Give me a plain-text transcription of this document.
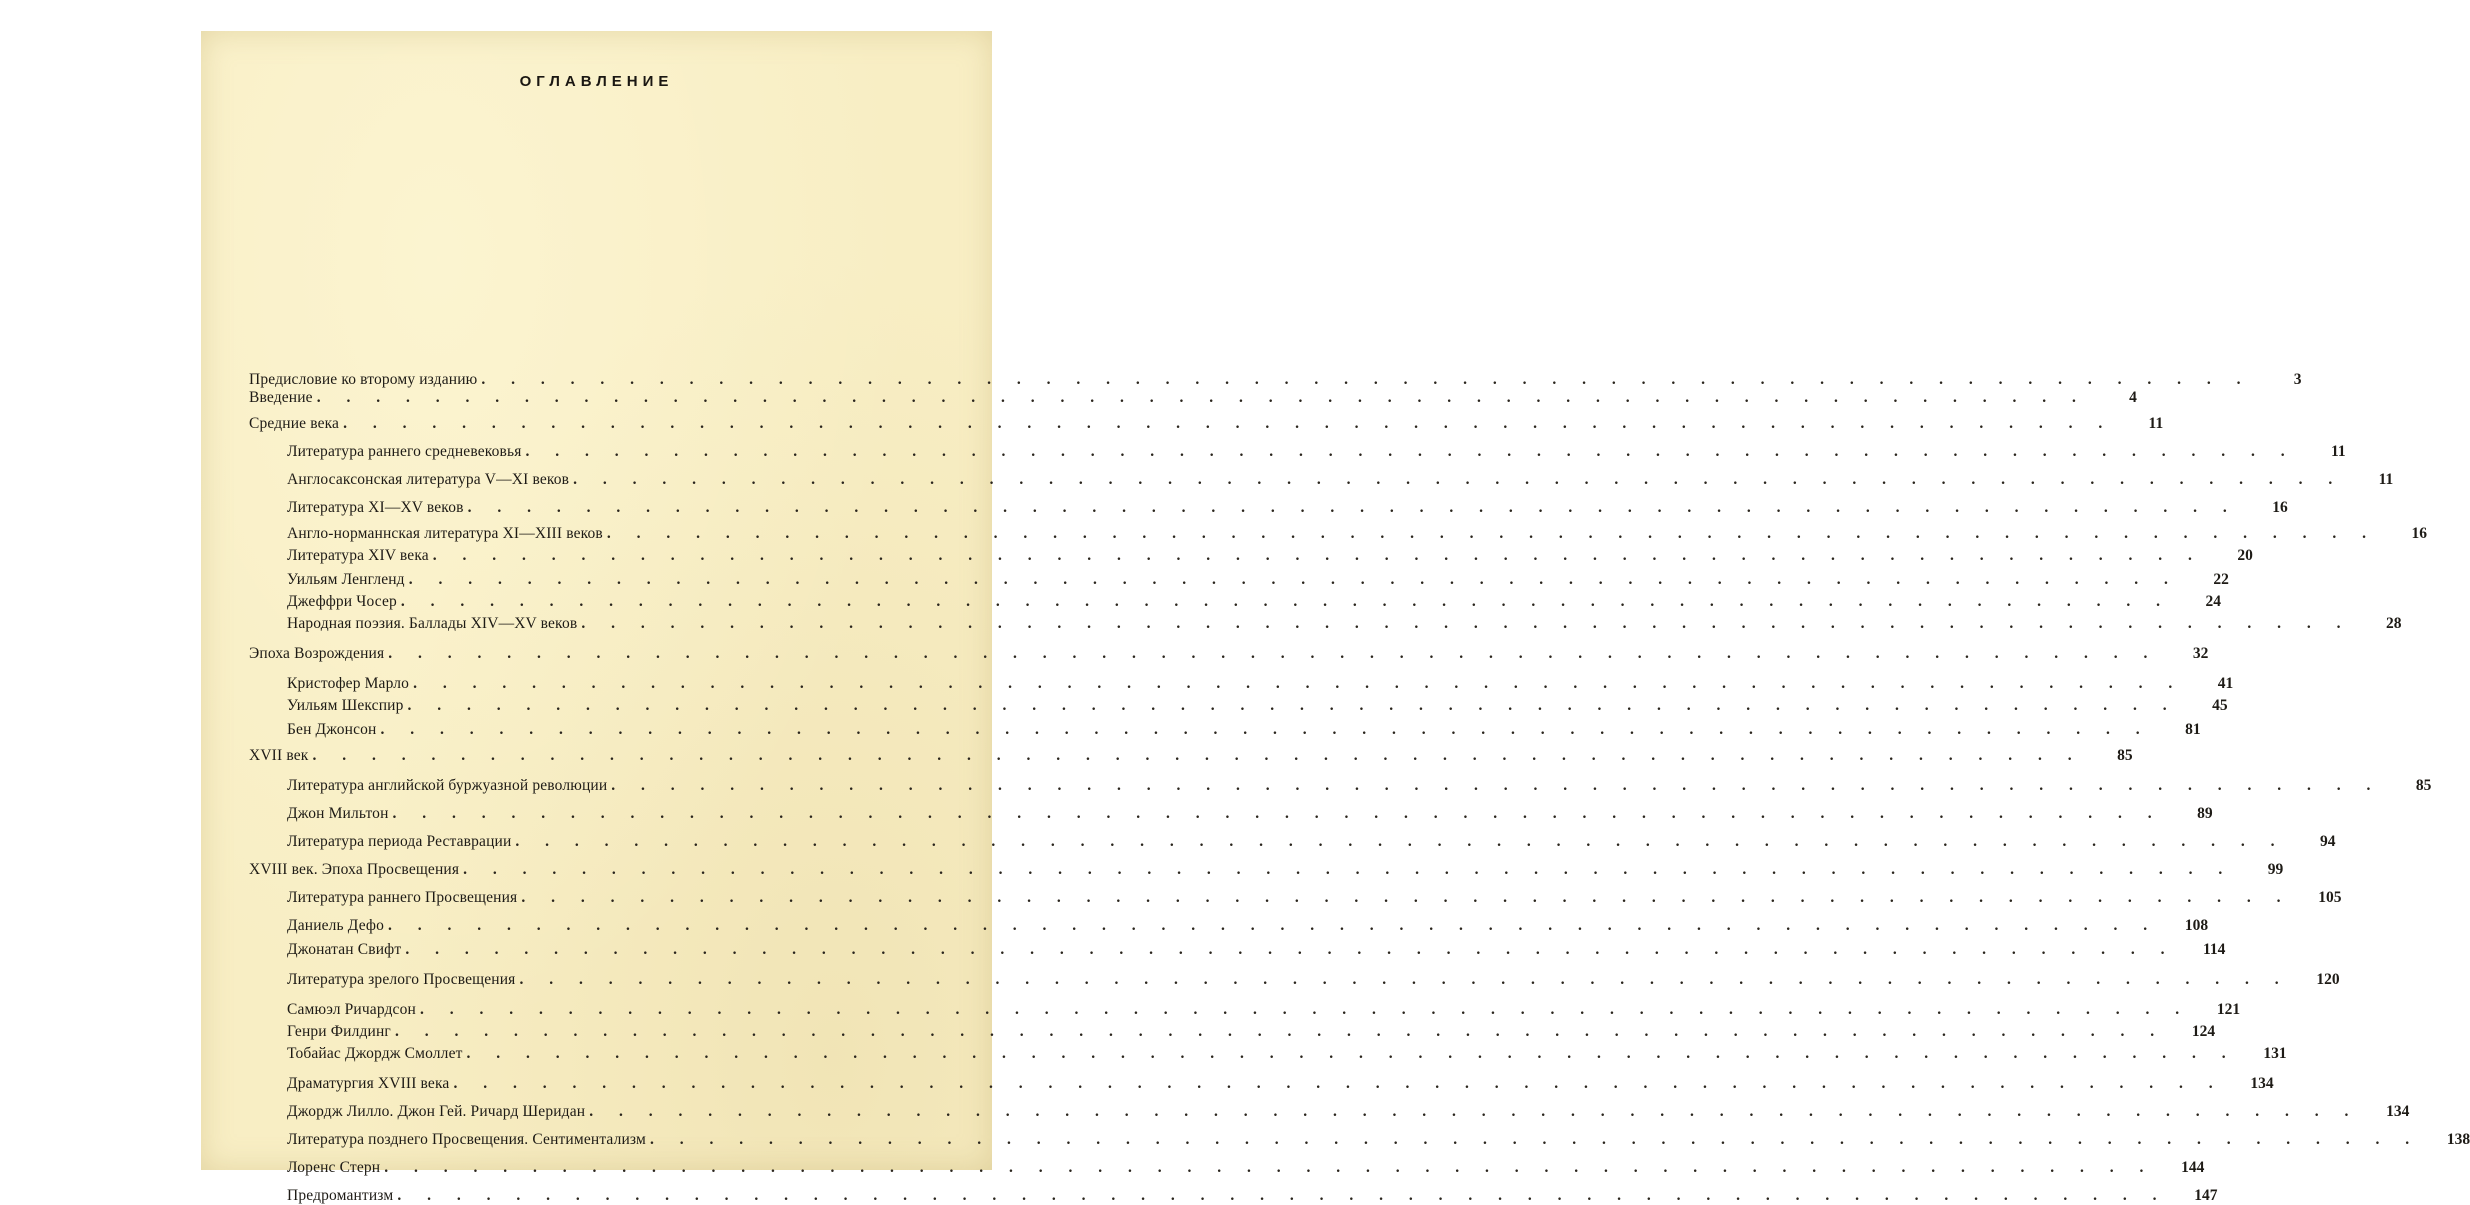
ОГЛАВЛЕНИЕ
Предисловие ко второму изданию . . . . . . . . . . . . . . . . . . . . . . . . . . . . . . . . . . . . . . . . . . . . . . . . . . . . . . . . . . . .	3
Введение . . . . . . . . . . . . . . . . . . . . . . . . . . . . . . . . . . . . . . . . . . . . . . . . . . . . . . . . . . . .	4
Средние века . . . . . . . . . . . . . . . . . . . . . . . . . . . . . . . . . . . . . . . . . . . . . . . . . . . . . . . . . . . .	11
Литература раннего средневековья . . . . . . . . . . . . . . . . . . . . . . . . . . . . . . . . . . . . . . . . . . . . . . . . . . . . . . . . . . . .	11
Англосаксонская литература V—XI веков . . . . . . . . . . . . . . . . . . . . . . . . . . . . . . . . . . . . . . . . . . . . . . . . . . . . . . . . . . . .	11
Литература XI—XV веков . . . . . . . . . . . . . . . . . . . . . . . . . . . . . . . . . . . . . . . . . . . . . . . . . . . . . . . . . . . .	16
Англо-норманнская литература XI—XIII веков . . . . . . . . . . . . . . . . . . . . . . . . . . . . . . . . . . . . . . . . . . . . . . . . . . . . . . . . . . . .	16
Литература XIV века . . . . . . . . . . . . . . . . . . . . . . . . . . . . . . . . . . . . . . . . . . . . . . . . . . . . . . . . . . . .	20
Уильям Ленгленд . . . . . . . . . . . . . . . . . . . . . . . . . . . . . . . . . . . . . . . . . . . . . . . . . . . . . . . . . . . .	22
Джеффри Чосер . . . . . . . . . . . . . . . . . . . . . . . . . . . . . . . . . . . . . . . . . . . . . . . . . . . . . . . . . . . .	24
Народная поэзия. Баллады XIV—XV веков . . . . . . . . . . . . . . . . . . . . . . . . . . . . . . . . . . . . . . . . . . . . . . . . . . . . . . . . . . . .	28
Эпоха Возрождения . . . . . . . . . . . . . . . . . . . . . . . . . . . . . . . . . . . . . . . . . . . . . . . . . . . . . . . . . . . .	32
Кристофер Марло . . . . . . . . . . . . . . . . . . . . . . . . . . . . . . . . . . . . . . . . . . . . . . . . . . . . . . . . . . . .	41
Уильям Шекспир . . . . . . . . . . . . . . . . . . . . . . . . . . . . . . . . . . . . . . . . . . . . . . . . . . . . . . . . . . . .	45
Бен Джонсон . . . . . . . . . . . . . . . . . . . . . . . . . . . . . . . . . . . . . . . . . . . . . . . . . . . . . . . . . . . .	81
XVII век . . . . . . . . . . . . . . . . . . . . . . . . . . . . . . . . . . . . . . . . . . . . . . . . . . . . . . . . . . . .	85
Литература английской буржуазной революции . . . . . . . . . . . . . . . . . . . . . . . . . . . . . . . . . . . . . . . . . . . . . . . . . . . . . . . . . . . .	85
Джон Мильтон . . . . . . . . . . . . . . . . . . . . . . . . . . . . . . . . . . . . . . . . . . . . . . . . . . . . . . . . . . . .	89
Литература периода Реставрации . . . . . . . . . . . . . . . . . . . . . . . . . . . . . . . . . . . . . . . . . . . . . . . . . . . . . . . . . . . .	94
XVIII век. Эпоха Просвещения . . . . . . . . . . . . . . . . . . . . . . . . . . . . . . . . . . . . . . . . . . . . . . . . . . . . . . . . . . . .	99
Литература раннего Просвещения . . . . . . . . . . . . . . . . . . . . . . . . . . . . . . . . . . . . . . . . . . . . . . . . . . . . . . . . . . . .	105
Даниель Дефо . . . . . . . . . . . . . . . . . . . . . . . . . . . . . . . . . . . . . . . . . . . . . . . . . . . . . . . . . . . .	108
Джонатан Свифт . . . . . . . . . . . . . . . . . . . . . . . . . . . . . . . . . . . . . . . . . . . . . . . . . . . . . . . . . . . .	114
Литература зрелого Просвещения . . . . . . . . . . . . . . . . . . . . . . . . . . . . . . . . . . . . . . . . . . . . . . . . . . . . . . . . . . . .	120
Самюэл Ричардсон . . . . . . . . . . . . . . . . . . . . . . . . . . . . . . . . . . . . . . . . . . . . . . . . . . . . . . . . . . . .	121
Генри Филдинг . . . . . . . . . . . . . . . . . . . . . . . . . . . . . . . . . . . . . . . . . . . . . . . . . . . . . . . . . . . .	124
Тобайас Джордж Смоллет . . . . . . . . . . . . . . . . . . . . . . . . . . . . . . . . . . . . . . . . . . . . . . . . . . . . . . . . . . . .	131
Драматургия XVIII века . . . . . . . . . . . . . . . . . . . . . . . . . . . . . . . . . . . . . . . . . . . . . . . . . . . . . . . . . . . .	134
Джордж Лилло. Джон Гей. Ричард Шеридан . . . . . . . . . . . . . . . . . . . . . . . . . . . . . . . . . . . . . . . . . . . . . . . . . . . . . . . . . . . .	134
Литература позднего Просвещения. Сентиментализм . . . . . . . . . . . . . . . . . . . . . . . . . . . . . . . . . . . . . . . . . . . . . . . . . . . . . . . . . . . .	138
Лоренс Стерн . . . . . . . . . . . . . . . . . . . . . . . . . . . . . . . . . . . . . . . . . . . . . . . . . . . . . . . . . . . .	144
Предромантизм . . . . . . . . . . . . . . . . . . . . . . . . . . . . . . . . . . . . . . . . . . . . . . . . . . . . . . . . . . . .	147
